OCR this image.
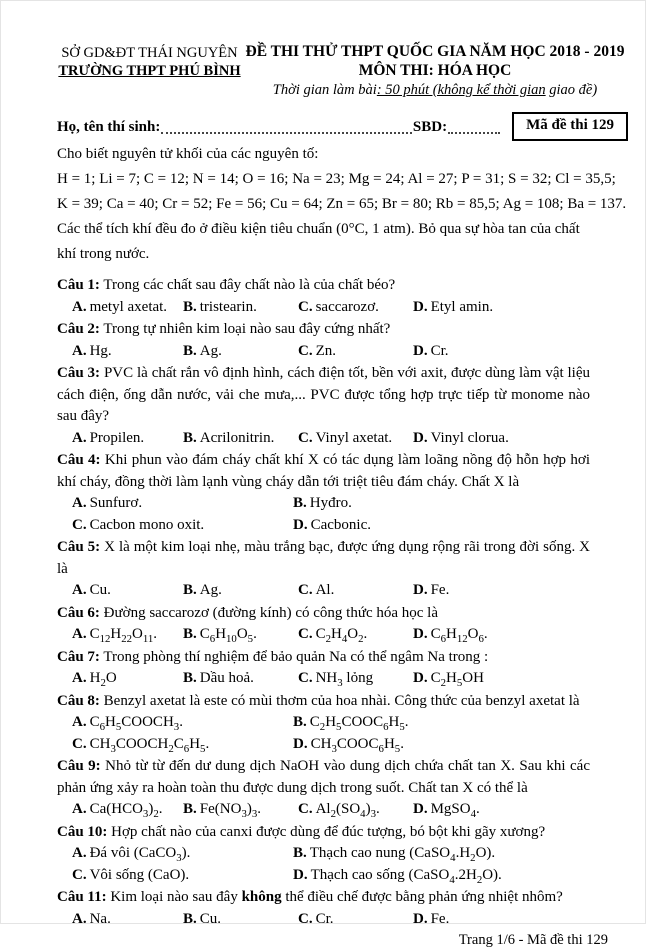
SỞ GD&ĐT THÁI NGUYÊN
TRƯỜNG THPT PHÚ BÌNH
ĐỀ THI THỬ THPT QUỐC GIA NĂM HỌC 2018 - 2019
MÔN THI: HÓA HỌC
Thời gian làm bài: 50 phút (không kể thời gian giao đề)
Họ, tên thí sinh:	SBD:	Mã đề thi 129

Cho biết nguyên tử khối của các nguyên tố:

H = 1; Li = 7; C = 12; N = 14; O = 16; Na = 23; Mg = 24; Al = 27; P = 31; S = 32; Cl = 35,5;

K = 39; Ca = 40; Cr = 52; Fe = 56; Cu = 64; Zn = 65; Br = 80; Rb = 85,5; Ag = 108; Ba = 137.

Các thể tích khí đều đo ở điều kiện tiêu chuẩn (0°C, 1 atm). Bỏ qua sự hòa tan của chất khí trong nước.

Câu 1: Trong các chất sau đây chất nào là của chất béo?

A. metyl axetat.	B. tristearin.	C. saccarozơ.	D. Etyl amin.

Câu 2: Trong tự nhiên kim loại nào sau đây cứng nhất?

A. Hg.	B. Ag.	C. Zn.	D. Cr.

Câu 3: PVC là chất rắn vô định hình, cách điện tốt, bền với axit, được dùng làm vật liệu cách điện, ống dẫn nước, vải che mưa,... PVC được tổng hợp trực tiếp từ monome nào sau đây?

A. Propilen.	B. Acrilonitrin.	C. Vinyl axetat.	D. Vinyl clorua.

Câu 4: Khi phun vào đám cháy chất khí X có tác dụng làm loãng nồng độ hỗn hợp hơi khí cháy, đồng thời làm lạnh vùng cháy dẫn tới triệt tiêu đám cháy. Chất X là

A. Sunfurơ.	B. Hyđro.
C. Cacbon mono oxit.	D. Cacbonic.

Câu 5: X là một kim loại nhẹ, màu trắng bạc, được ứng dụng rộng rãi trong đời sống. X là

A. Cu.	B. Ag.	C. Al.	D. Fe.

Câu 6: Đường saccarozơ (đường kính) có công thức hóa học là

A. $C_{12}H_{22}O_{11}$.	B. $C_6H_{10}O_5$.	C. $C_2H_4O_2$.	D. $C_6H_{12}O_6$.

Câu 7: Trong phòng thí nghiệm để bảo quản Na có thể ngâm Na trong :

A. $H_2O$	B. Dầu hoả.	C. $NH_3$ lỏng	D. $C_2H_5OH$

Câu 8: Benzyl axetat là este có mùi thơm của hoa nhài. Công thức của benzyl axetat là

A. $C_6H_5COOCH_3$.	B. $C_2H_5COOC_6H_5$.
C. $CH_3COOCH_2C_6H_5$.	D. $CH_3COOC_6H_5$.

Câu 9: Nhỏ từ từ đến dư dung dịch NaOH vào dung dịch chứa chất tan X. Sau khi các phản ứng xảy ra hoàn toàn thu được dung dịch trong suốt. Chất tan X có thể là

A. $Ca(HCO_3)_2$.	B. $Fe(NO_3)_3$.	C. $Al_2(SO_4)_3$.	D. MgSO$_4$.

Câu 10: Hợp chất nào của canxi được dùng để đúc tượng, bó bột khi gãy xương?

A. Đá vôi (CaCO$_3$).	B. Thạch cao nung $(CaSO_4.H_2O)$.
C. Vôi sống (CaO).	D. Thạch cao sống $(CaSO_4.2H_2O)$.

Câu 11: Kim loại nào sau đây không thể điều chế được bằng phản ứng nhiệt nhôm?

A. Na.	B. Cu.	C. Cr.	D. Fe.
Trang 1/6 - Mã đề thi 129
